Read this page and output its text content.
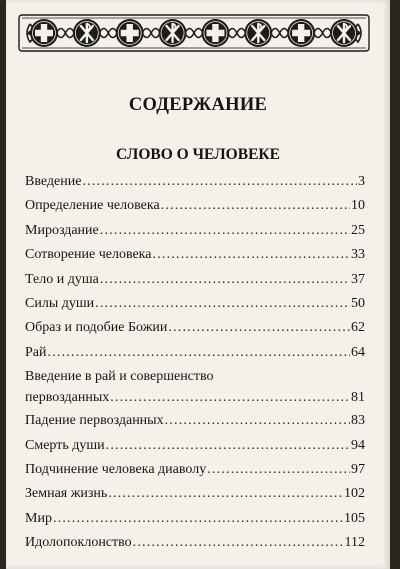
СОДЕРЖАНИЕ
СЛОВО О ЧЕЛОВЕКЕ
Введение .....	3
Определение человека .....	10
Мироздание .....	25
Сотворение человека .....	33
Тело и душа .....	37
Силы души .....	50
Образ и подобие Божии .....	62
Рай .....	64
Введение в рай и совершенство
первозданных .....	81
Падение первозданных .....	83
Смерть души .....	94
Подчинение человека диаволу .....	97
Земная жизнь .....	102
Мир .....	105
Идолопоклонство .....	112
